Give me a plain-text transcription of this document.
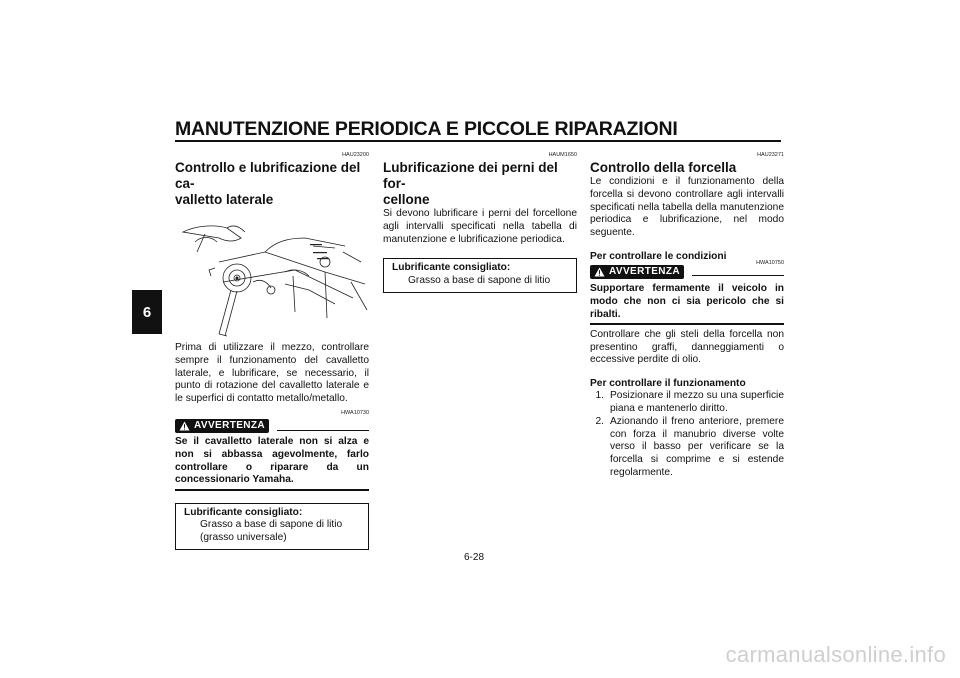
MANUTENZIONE PERIODICA E PICCOLE RIPARAZIONI
6
HAU23200
Controllo e lubrificazione del ca-
valletto laterale
Prima di utilizzare il mezzo, controllare sempre il funzionamento del cavalletto laterale, e lubrificare, se necessario, il punto di rotazione del cavalletto laterale e le superfici di contatto metallo/metallo.
HWA10730
AVVERTENZA
Se il cavalletto laterale non si alza e non si abbassa agevolmente, farlo controllare o riparare da un concessionario Yamaha.
Lubrificante consigliato:
Grasso a base di sapone di litio
(grasso universale)
HAUM1650
Lubrificazione dei perni del for-
cellone
Si devono lubrificare i perni del forcellone agli intervalli specificati nella tabella di manutenzione e lubrificazione periodica.
Lubrificante consigliato:
Grasso a base di sapone di litio
HAU23271
Controllo della forcella
Le condizioni e il funzionamento della forcella si devono controllare agli intervalli specificati nella tabella della manutenzione periodica e lubrificazione, nel modo seguente.
Per controllare le condizioni
AVVERTENZA
HWA10750
Supportare fermamente il veicolo in modo che non ci sia pericolo che si ribalti.
Controllare che gli steli della forcella non presentino graffi, danneggiamenti o eccessive perdite di olio.
Per controllare il funzionamento
1. Posizionare il mezzo su una superficie piana e mantenerlo diritto.
2. Azionando il freno anteriore, premere con forza il manubrio diverse volte verso il basso per verificare se la forcella si comprime e si estende regolarmente.
6-28
carmanualsonline.info
